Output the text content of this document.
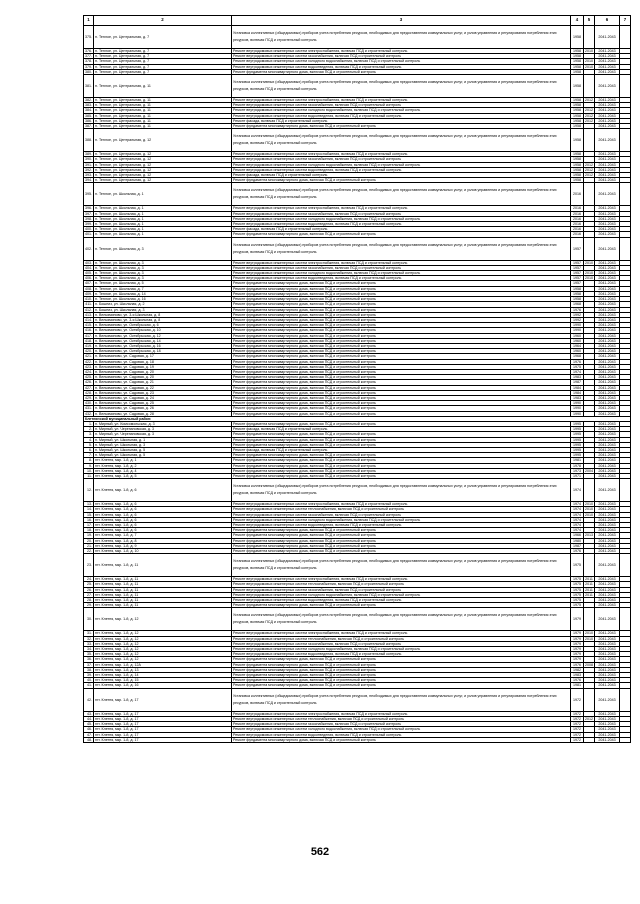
1	2	3	4	5	6	7
375.	п. Теплое, ул. Центральная, д. 7	Установка коллективных (общедомовых) приборов учета потребления ресурсов, необходимых для предоставления коммунальных услуг, и узлов управления и регулирования потребления этих ресурсов, включая ПСД и строительный контроль	1958		2041-2043	
376.	п. Теплое, ул. Центральная, д. 7	Ремонт внутридомовых инженерных систем электроснабжения, включая ПСД и строительный контроль	1958	2010	2041-2043	
377.	п. Теплое, ул. Центральная, д. 7	Ремонт внутридомовых инженерных систем газоснабжения, включая ПСД и строительный контроль	1958		2041-2043	
378.	п. Теплое, ул. Центральная, д. 7	Ремонт внутридомовых инженерных систем холодного водоснабжения, включая ПСД и строительный контроль	1958	2010	2041-2043	
379.	п. Теплое, ул. Центральная, д. 7	Ремонт внутридомовых инженерных систем водоотведения, включая ПСД и строительный контроль	1958	2010	2041-2043	
380.	п. Теплое, ул. Центральная, д. 7	Ремонт фундамента многоквартирного дома, включая ПСД и строительный контроль	1958		2041-2043	
381.	п. Теплое, ул. Центральная, д. 11	Установка коллективных (общедомовых) приборов учета потребления ресурсов, необходимых для предоставления коммунальных услуг, и узлов управления и регулирования потребления этих ресурсов, включая ПСД и строительный контроль	1958		2041-2043	
382.	п. Теплое, ул. Центральная, д. 11	Ремонт внутридомовых инженерных систем электроснабжения, включая ПСД и строительный контроль	1958	2012	2041-2043	
383.	п. Теплое, ул. Центральная, д. 11	Ремонт внутридомовых инженерных систем газоснабжения, включая ПСД и строительный контроль	1958		2041-2043	
384.	п. Теплое, ул. Центральная, д. 11	Ремонт внутридомовых инженерных систем холодного водоснабжения, включая ПСД и строительный контроль	1958	2012	2041-2043	
385.	п. Теплое, ул. Центральная, д. 11	Ремонт внутридомовых инженерных систем водоотведения, включая ПСД и строительный контроль	1958	2012	2041-2043	
386.	п. Теплое, ул. Центральная, д. 11	Ремонт фасада, включая ПСД и строительный контроль	1958	2012	2041-2043	
387.	п. Теплое, ул. Центральная, д. 11	Ремонт фундамента многоквартирного дома, включая ПСД и строительный контроль	1958		2041-2043	
388.	п. Теплое, ул. Центральная, д. 12	Установка коллективных (общедомовых) приборов учета потребления ресурсов, необходимых для предоставления коммунальных услуг, и узлов управления и регулирования потребления этих ресурсов, включая ПСД и строительный контроль	1958		2041-2043	
389.	п. Теплое, ул. Центральная, д. 12	Ремонт внутридомовых инженерных систем электроснабжения, включая ПСД и строительный контроль	1958		2041-2043	
390.	п. Теплое, ул. Центральная, д. 12	Ремонт внутридомовых инженерных систем газоснабжения, включая ПСД и строительный контроль	1958		2041-2043	
391.	п. Теплое, ул. Центральная, д. 12	Ремонт внутридомовых инженерных систем холодного водоснабжения, включая ПСД и строительный контроль	1958	2012	2041-2043	
392.	п. Теплое, ул. Центральная, д. 12	Ремонт внутридомовых инженерных систем водоотведения, включая ПСД и строительный контроль	1958	2012	2041-2043	
393.	п. Теплое, ул. Центральная, д. 12	Ремонт фасада, включая ПСД и строительный контроль	1958	2012	2041-2043	
394.	п. Теплое, ул. Центральная, д. 12	Ремонт фундамента многоквартирного дома, включая ПСД и строительный контроль	1958		2041-2043	
395.	п. Теплое, ул. Школьная, д. 1	Установка коллективных (общедомовых) приборов учета потребления ресурсов, необходимых для предоставления коммунальных услуг, и узлов управления и регулирования потребления этих ресурсов, включая ПСД и строительный контроль	2016		2041-2043	
396.	п. Теплое, ул. Школьная, д. 1	Ремонт внутридомовых инженерных систем электроснабжения, включая ПСД и строительный контроль	2016		2041-2043	
397.	п. Теплое, ул. Школьная, д. 1	Ремонт внутридомовых инженерных систем газоснабжения, включая ПСД и строительный контроль	2016		2041-2043	
398.	п. Теплое, ул. Школьная, д. 1	Ремонт внутридомовых инженерных систем холодного водоснабжения, включая ПСД и строительный контроль	2016		2041-2043	
399.	п. Теплое, ул. Школьная, д. 1	Ремонт внутридомовых инженерных систем водоотведения, включая ПСД и строительный контроль	2016		2041-2043	
400.	п. Теплое, ул. Школьная, д. 1	Ремонт фасада, включая ПСД и строительный контроль	2016		2041-2043	
401.	п. Теплое, ул. Школьная, д. 1	Ремонт фундамента многоквартирного дома, включая ПСД и строительный контроль	2016		2041-2043	
402.	п. Теплое, ул. Школьная, д. 3	Установка коллективных (общедомовых) приборов учета потребления ресурсов, необходимых для предоставления коммунальных услуг, и узлов управления и регулирования потребления этих ресурсов, включая ПСД и строительный контроль	1957		2041-2043	
403.	п. Теплое, ул. Школьная, д. 3	Ремонт внутридомовых инженерных систем электроснабжения, включая ПСД и строительный контроль	1957	2010	2041-2043	
404.	п. Теплое, ул. Школьная, д. 3	Ремонт внутридомовых инженерных систем газоснабжения, включая ПСД и строительный контроль	1957		2041-2043	
405.	п. Теплое, ул. Школьная, д. 3	Ремонт внутридомовых инженерных систем холодного водоснабжения, включая ПСД и строительный контроль	1957	2010	2041-2043	
406.	п. Теплое, ул. Школьная, д. 3	Ремонт внутридомовых инженерных систем водоотведения, включая ПСД и строительный контроль	1957	2010	2041-2043	
407.	п. Теплое, ул. Школьная, д. 5	Ремонт фундамента многоквартирного дома, включая ПСД и строительный контроль	1957		2041-2043	
408.	п. Теплое, ул. Школьная, д. 7	Ремонт фундамента многоквартирного дома, включая ПСД и строительный контроль	1958		2041-2043	
409.	п. Теплое, ул. Школьная, д. 14	Ремонт фундамента многоквартирного дома, включая ПСД и строительный контроль	1958		2041-2043	
410.	п. Теплое, ул. Школьная, д. 16	Ремонт фундамента многоквартирного дома, включая ПСД и строительный контроль	1958		2041-2043	
411.	п. Бошеиз, ул. Школьная, д. 2	Ремонт фундамента многоквартирного дома, включая ПСД и строительный контроль	1968		2041-2043	
412.	п. Бошеиз, ул. Школьная, д. 3	Ремонт фундамента многоквартирного дома, включая ПСД и строительный контроль	1976		2041-2043	
413.	п. Вельяминово, ул. 3-я Школьная, д. 8	Ремонт фундамента многоквартирного дома, включая ПСД и строительный контроль	1992		2041-2043	
414.	п. Вельяминово, ул. 3-я Школьная, д. 8	Ремонт фундамента многоквартирного дома, включая ПСД и строительный контроль	1992		2041-2043	
415.	п. Вельяминово, ул. Октябрьская, д. 6	Ремонт фундамента многоквартирного дома, включая ПСД и строительный контроль	1990		2041-2043	
416.	п. Вельяминово, ул. Октябрьская, д. 10	Ремонт фундамента многоквартирного дома, включая ПСД и строительный контроль	1990		2041-2043	
417.	п. Вельяминово, ул. Октябрьская, д. 12	Ремонт фундамента многоквартирного дома, включая ПСД и строительный контроль	1960		2041-2043	
418.	п. Вельяминово, ул. Октябрьская, д. 14	Ремонт фундамента многоквартирного дома, включая ПСД и строительный контроль	1960		2041-2043	
419.	п. Вельяминово, ул. Октябрьская, д. 16	Ремонт фундамента многоквартирного дома, включая ПСД и строительный контроль	1964		2041-2043	
420.	п. Вельяминово, ул. Октябрьская, д. 18	Ремонт фундамента многоквартирного дома, включая ПСД и строительный контроль	1960		2041-2043	
421.	п. Вельяминово, ул. Садовая, д. 17	Ремонт фундамента многоквартирного дома, включая ПСД и строительный контроль	1968		2041-2043	
422.	п. Вельяминово, ул. Садовая, д. 18	Ремонт фундамента многоквартирного дома, включая ПСД и строительный контроль	1976		2041-2043	
423.	п. Вельяминово, ул. Садовая, д. 19	Ремонт фундамента многоквартирного дома, включая ПСД и строительный контроль	1975		2041-2043	
424.	п. Вельяминово, ул. Садовая, д. 20	Ремонт фундамента многоквартирного дома, включая ПСД и строительный контроль	1974		2041-2043	
425.	п. Вельяминово, ул. Садовая, д. 20	Ремонт фундамента многоквартирного дома, включая ПСД и строительный контроль	1983		2041-2043	
426.	п. Вельяминово, ул. Садовая, д. 21	Ремонт фундамента многоквартирного дома, включая ПСД и строительный контроль	1987		2041-2043	
427.	п. Вельяминово, ул. Садовая, д. 22	Ремонт фундамента многоквартирного дома, включая ПСД и строительный контроль	1984		2041-2043	
428.	п. Вельяминово, ул. Садовая, д. 23	Ремонт фундамента многоквартирного дома, включая ПСД и строительный контроль	1984		2041-2043	
429.	п. Вельяминово, ул. Садовая, д. 24	Ремонт фундамента многоквартирного дома, включая ПСД и строительный контроль	1983		2041-2043	
430.	п. Вельяминово, ул. Садовая, д. 25	Ремонт фундамента многоквартирного дома, включая ПСД и строительный контроль	1990		2041-2043	
431.	п. Вельяминово, ул. Садовая, д. 26	Ремонт фундамента многоквартирного дома, включая ПСД и строительный контроль	1990		2041-2043	
432.	п. Вельяминово, ул. Садовая, д. 28	Ремонт фундамента многоквартирного дома, включая ПСД и строительный контроль	1990		2041-2043	
Клетнянский муниципальный район:						
1.	п. Мирный, ул. Комсомольская, д. 3	Ремонт фундамента многоквартирного дома, включая ПСД и строительный контроль	1995		2041-2043	
2.	п. Мирный, ул. Черепановская, д. 3	Ремонт фасада, включая ПСД и строительный контроль	1995		2041-2043	
3.	п. Мирный, ул. Черепановская, д. 3	Ремонт фундамента многоквартирного дома, включая ПСД и строительный контроль	1995		2041-2043	
4.	п. Мирный, ул. Школьная, д. 1	Ремонт фундамента многоквартирного дома, включая ПСД и строительный контроль	1995		2041-2043	
5.	п. Мирный, ул. Школьная, д. 3	Ремонт фундамента многоквартирного дома, включая ПСД и строительный контроль	1995		2041-2043	
6.	п. Мирный, ул. Школьная, д. 5	Ремонт фасада, включая ПСД и строительный контроль	1995		2041-2043	
7.	п. Мирный, ул. Школьная, д. 5	Ремонт фундамента многоквартирного дома, включая ПСД и строительный контроль	1995		2041-2043	
8.	пгт. Клетня, мкр. 1-й, д. 1	Ремонт фундамента многоквартирного дома, включая ПСД и строительный контроль	1981		2041-2043	
9.	пгт. Клетня, мкр. 1-й, д. 2	Ремонт фундамента многоквартирного дома, включая ПСД и строительный контроль	1978		2041-2043	
10.	пгт. Клетня, мкр. 1-й, д. 4	Ремонт фундамента многоквартирного дома, включая ПСД и строительный контроль	1973	2004	2041-2043	
11.	пгт. Клетня, мкр. 1-й, д. 5	Ремонт фундамента многоквартирного дома, включая ПСД и строительный контроль	1971		2041-2043	
12.	пгт. Клетня, мкр. 1-й, д. 6	Установка коллективных (общедомовых) приборов учета потребления ресурсов, необходимых для предоставления коммунальных услуг, и узлов управления и регулирования потребления этих ресурсов, включая ПСД и строительный контроль	1974		2041-2043	
13.	пгт. Клетня, мкр. 1-й, д. 6	Ремонт внутридомовых инженерных систем электроснабжения, включая ПСД и строительный контроль	1974	2010	2041-2043	
14.	пгт. Клетня, мкр. 1-й, д. 6	Ремонт внутридомовых инженерных систем теплоснабжения, включая ПСД и строительный контроль	1974	2010	2041-2043	
15.	пгт. Клетня, мкр. 1-й, д. 6	Ремонт внутридомовых инженерных систем газоснабжения, включая ПСД и строительный контроль	1974	2010	2041-2043	
16.	пгт. Клетня, мкр. 1-й, д. 6	Ремонт внутридомовых инженерных систем холодного водоснабжения, включая ПСД и строительный контроль	1974		2041-2043	
17.	пгт. Клетня, мкр. 1-й, д. 6	Ремонт внутридомовых инженерных систем водоотведения, включая ПСД и строительный контроль	1974		2041-2043	
18.	пгт. Клетня, мкр. 1-й, д. 6	Ремонт фундамента многоквартирного дома, включая ПСД и строительный контроль	1974		2041-2043	
19.	пгт. Клетня, мкр. 1-й, д. 7	Ремонт фундамента многоквартирного дома, включая ПСД и строительный контроль	1966	2013	2041-2043	
20.	пгт. Клетня, мкр. 1-й, д. 8	Ремонт фундамента многоквартирного дома, включая ПСД и строительный контроль	1980		2041-2043	
21.	пгт. Клетня, мкр. 1-й, д. 9	Ремонт фундамента многоквартирного дома, включая ПСД и строительный контроль	1987		2041-2043	
22.	пгт. Клетня, мкр. 1-й, д. 10	Ремонт фундамента многоквартирного дома, включая ПСД и строительный контроль	1976		2041-2043	
23.	пгт. Клетня, мкр. 1-й, д. 11	Установка коллективных (общедомовых) приборов учета потребления ресурсов, необходимых для предоставления коммунальных услуг, и узлов управления и регулирования потребления этих ресурсов, включая ПСД и строительный контроль	1975		2041-2043	
24.	пгт. Клетня, мкр. 1-й, д. 11	Ремонт внутридомовых инженерных систем электроснабжения, включая ПСД и строительный контроль	1975	2011	2041-2043	
25.	пгт. Клетня, мкр. 1-й, д. 11	Ремонт внутридомовых инженерных систем теплоснабжения, включая ПСД и строительный контроль	1975	2011	2041-2043	
26.	пгт. Клетня, мкр. 1-й, д. 11	Ремонт внутридомовых инженерных систем газоснабжения, включая ПСД и строительный контроль	1975	2011	2041-2043	
27.	пгт. Клетня, мкр. 1-й, д. 11	Ремонт внутридомовых инженерных систем холодного водоснабжения, включая ПСД и строительный контроль	1975	2011	2041-2043	
28.	пгт. Клетня, мкр. 1-й, д. 11	Ремонт внутридомовых инженерных систем водоотведения, включая ПСД и строительный контроль	1975		2041-2043	
29.	пгт. Клетня, мкр. 1-й, д. 11	Ремонт фундамента многоквартирного дома, включая ПСД и строительный контроль	1975		2041-2043	
30.	пгт. Клетня, мкр. 1-й, д. 12	Установка коллективных (общедомовых) приборов учета потребления ресурсов, необходимых для предоставления коммунальных услуг, и узлов управления и регулирования потребления этих ресурсов, включая ПСД и строительный контроль	1979		2041-2043	
31.	пгт. Клетня, мкр. 1-й, д. 12	Ремонт внутридомовых инженерных систем электроснабжения, включая ПСД и строительный контроль	1979	2010	2041-2043	
32.	пгт. Клетня, мкр. 1-й, д. 12	Ремонт внутридомовых инженерных систем теплоснабжения, включая ПСД и строительный контроль	1979	2010	2041-2043	
33.	пгт. Клетня, мкр. 1-й, д. 12	Ремонт внутридомовых инженерных систем газоснабжения, включая ПСД и строительный контроль	1979		2041-2043	
34.	пгт. Клетня, мкр. 1-й, д. 12	Ремонт внутридомовых инженерных систем холодного водоснабжения, включая ПСД и строительный контроль	1979		2041-2043	
35.	пгт. Клетня, мкр. 1-й, д. 12	Ремонт внутридомовых инженерных систем водоотведения, включая ПСД и строительный контроль	1979		2041-2043	
36.	пгт. Клетня, мкр. 1-й, д. 12	Ремонт фундамента многоквартирного дома, включая ПСД и строительный контроль	1979		2041-2043	
37.	пгт. Клетня, мкр. 1-й, д. 12А	Ремонт фундамента многоквартирного дома, включая ПСД и строительный контроль	1976	2008	2041-2043	
38.	пгт. Клетня, мкр. 1-й, д. 13	Ремонт фундамента многоквартирного дома, включая ПСД и строительный контроль	1982		2041-2043	
39.	пгт. Клетня, мкр. 1-й, д. 14	Ремонт фундамента многоквартирного дома, включая ПСД и строительный контроль	1983		2041-2043	
40.	пгт. Клетня, мкр. 1-й, д. 15	Ремонт фундамента многоквартирного дома, включая ПСД и строительный контроль	1976		2041-2043	
41.	пгт. Клетня, мкр. 1-й, д. 16	Ремонт фундамента многоквартирного дома, включая ПСД и строительный контроль	1981		2041-2043	
42.	пгт. Клетня, мкр. 1-й, д. 17	Установка коллективных (общедомовых) приборов учета потребления ресурсов, необходимых для предоставления коммунальных услуг, и узлов управления и регулирования потребления этих ресурсов, включая ПСД и строительный контроль	1972		2041-2043	
43.	пгт. Клетня, мкр. 1-й, д. 17	Ремонт внутридомовых инженерных систем электроснабжения, включая ПСД и строительный контроль	1972		2041-2043	
44.	пгт. Клетня, мкр. 1-й, д. 17	Ремонт внутридомовых инженерных систем теплоснабжения, включая ПСД и строительный контроль	1972	2012	2041-2043	
45.	пгт. Клетня, мкр. 1-й, д. 17	Ремонт внутридомовых инженерных систем газоснабжения, включая ПСД и строительный контроль	1972		2041-2043	
46.	пгт. Клетня, мкр. 1-й, д. 17	Ремонт внутридомовых инженерных систем холодного водоснабжения, включая ПСД и строительный контроль	1972		2041-2043	
47.	пгт. Клетня, мкр. 1-й, д. 17	Ремонт внутридомовых инженерных систем водоотведения, включая ПСД и строительный контроль	1972		2041-2043	
48.	пгт. Клетня, мкр. 1-й, д. 17	Ремонт фундамента многоквартирного дома, включая ПСД и строительный контроль	1972		2041-2043	
562
